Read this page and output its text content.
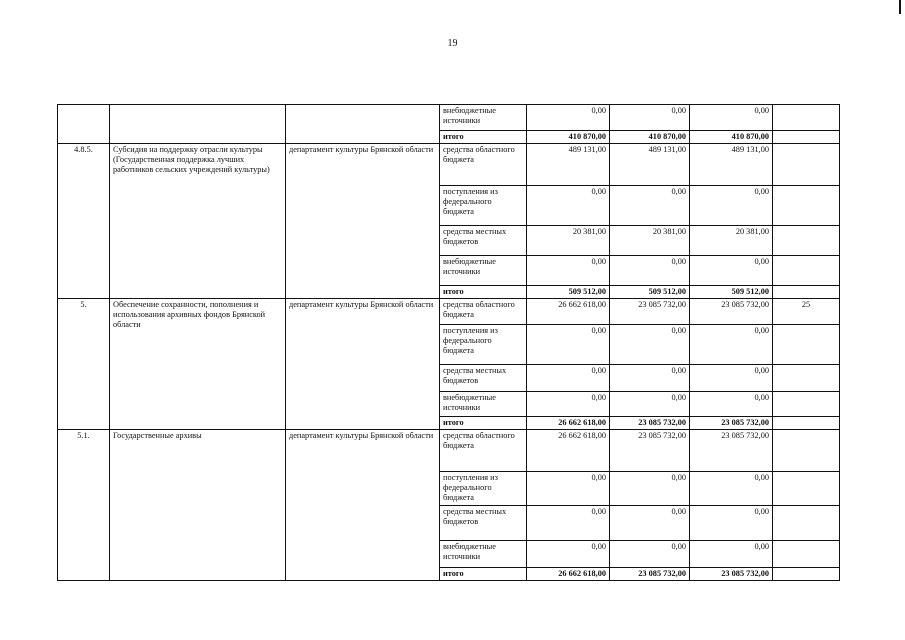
19
			внебюджетные источники	0,00	0,00	0,00	
			итого	410 870,00	410 870,00	410 870,00	
4.8.5.	Субсидия на поддержку отрасли культуры (Государственная поддержка лучших работников сельских учреждений культуры)	департамент культуры Брянской области	средства областного бюджета	489 131,00	489 131,00	489 131,00	
			поступления из федерального бюджета	0,00	0,00	0,00	
			средства местных бюджетов	20 381,00	20 381,00	20 381,00	
			внебюджетные источники	0,00	0,00	0,00	
			итого	509 512,00	509 512,00	509 512,00	
5.	Обеспечение сохранности, пополнения и использования архивных фондов Брянской области	департамент культуры Брянской области	средства областного бюджета	26 662 618,00	23 085 732,00	23 085 732,00	25
			поступления из федерального бюджета	0,00	0,00	0,00	
			средства местных бюджетов	0,00	0,00	0,00	
			внебюджетные источники	0,00	0,00	0,00	
			итого	26 662 618,00	23 085 732,00	23 085 732,00	
5.1.	Государственные архивы	департамент культуры Брянской области	средства областного бюджета	26 662 618,00	23 085 732,00	23 085 732,00	
			поступления из федерального бюджета	0,00	0,00	0,00	
			средства местных бюджетов	0,00	0,00	0,00	
			внебюджетные источники	0,00	0,00	0,00	
			итого	26 662 618,00	23 085 732,00	23 085 732,00	
